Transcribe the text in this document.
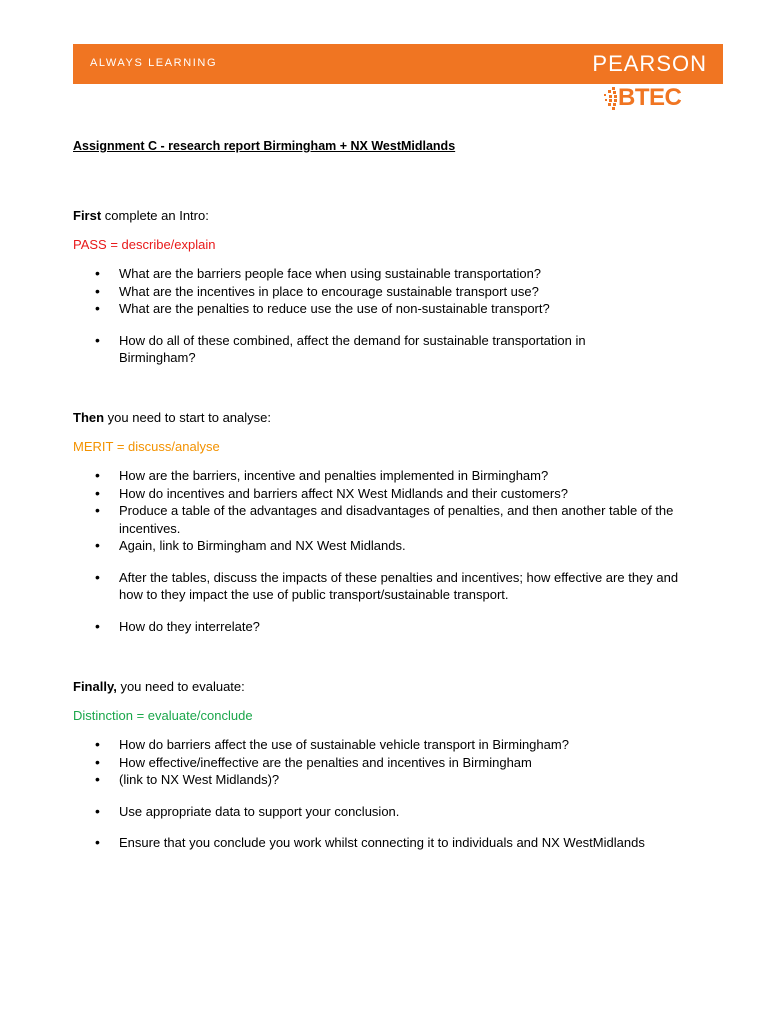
ALWAYS LEARNING	PEARSON
BTEC
Assignment C - research report Birmingham + NX WestMidlands
First complete an Intro:
PASS = describe/explain
• What are the barriers people face when using sustainable transportation?
• What are the incentives in place to encourage sustainable transport use?
• What are the penalties to reduce use the use of non-sustainable transport?
• How do all of these combined, affect the demand for sustainable transportation in Birmingham?
Then you need to start to analyse:
MERIT = discuss/analyse
• How are the barriers, incentive and penalties implemented in Birmingham?
• How do incentives and barriers affect NX West Midlands and their customers?
• Produce a table of the advantages and disadvantages of penalties, and then another table of the incentives.
• Again, link to Birmingham and NX West Midlands.
• After the tables, discuss the impacts of these penalties and incentives; how effective are they and how to they impact the use of public transport/sustainable transport.
• How do they interrelate?
Finally, you need to evaluate:
Distinction = evaluate/conclude
• How do barriers affect the use of sustainable vehicle transport in Birmingham?
• How effective/ineffective are the penalties and incentives in Birmingham
• (link to NX West Midlands)?
• Use appropriate data to support your conclusion.
• Ensure that you conclude you work whilst connecting it to individuals and NX WestMidlands
